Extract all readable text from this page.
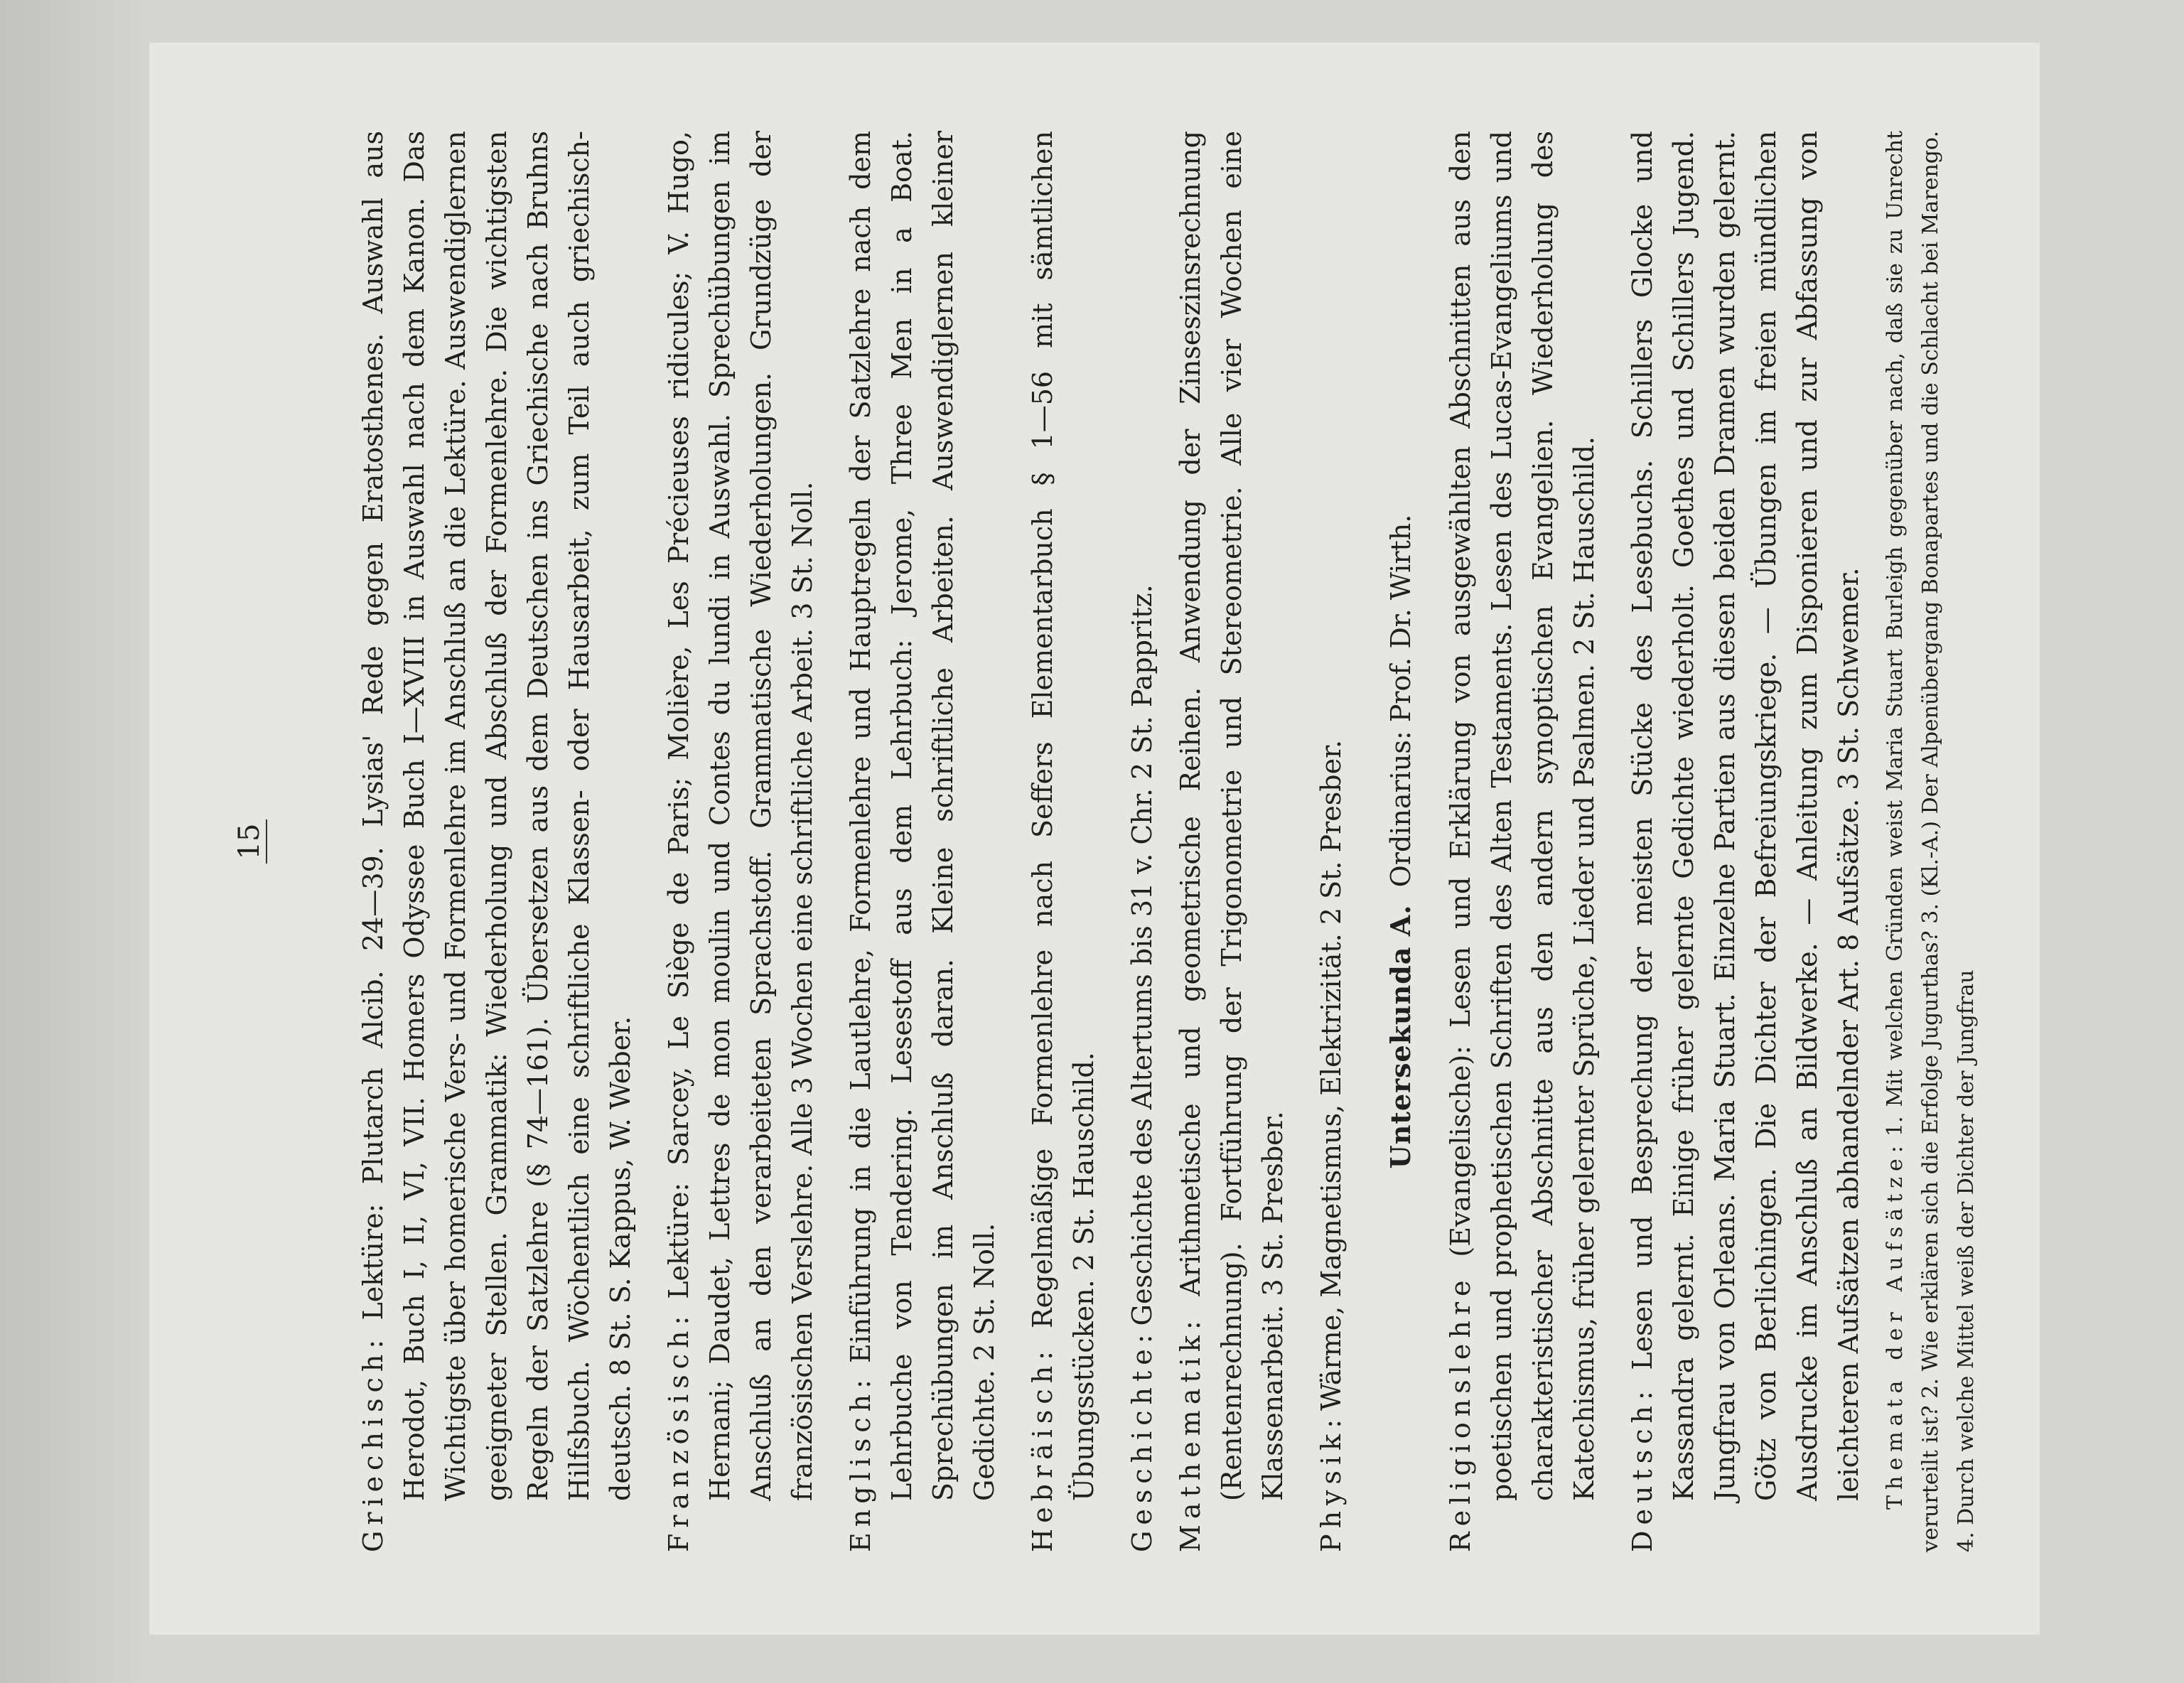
15

Griechisch: Lektüre: Plutarch Alcib. 24—39. Lysias' Rede gegen Eratosthenes. Auswahl aus Herodot, Buch I, II, VI, VII. Homers Odyssee Buch I—XVIII in Auswahl nach dem Kanon. Das Wichtigste über homerische Vers- und Formenlehre im Anschluß an die Lektüre. Auswendiglernen geeigneter Stellen. Grammatik: Wiederholung und Abschluß der Formenlehre. Die wichtigsten Regeln der Satzlehre (§ 74—161). Übersetzen aus dem Deutschen ins Griechische nach Bruhns Hilfsbuch. Wöchentlich eine schriftliche Klassen- oder Hausarbeit, zum Teil auch griechisch-deutsch. 8 St. S. Kappus, W. Weber. Französisch: Lektüre: Sarcey, Le Siège de Paris; Molière, Les Précieuses ridicules; V. Hugo, Hernani; Daudet, Lettres de mon moulin und Contes du lundi in Auswahl. Sprechübungen im Anschluß an den verarbeiteten Sprachstoff. Grammatische Wiederholungen. Grundzüge der französischen Verslehre. Alle 3 Wochen eine schriftliche Arbeit. 3 St. Noll. Englisch: Einführung in die Lautlehre, Formenlehre und Hauptregeln der Satzlehre nach dem Lehrbuche von Tendering. Lesestoff aus dem Lehrbuch: Jerome, Three Men in a Boat. Sprechübungen im Anschluß daran. Kleine schriftliche Arbeiten. Auswendiglernen kleiner Gedichte. 2 St. Noll. Hebräisch: Regelmäßige Formenlehre nach Seffers Elementarbuch § 1—56 mit sämtlichen Übungsstücken. 2 St. Hauschild. Geschichte: Geschichte des Altertums bis 31 v. Chr. 2 St. Pappritz.

Mathematik: Arithmetische und geometrische Reihen. Anwendung der Zinseszinsrechnung (Rentenrechnung). Fortführung der Trigonometrie und Stereometrie. Alle vier Wochen eine Klassenarbeit. 3 St. Presber. Physik: Wärme, Magnetismus, Elektrizität. 2 St. Presber. Untersekunda A.  Ordinarius: Prof. Dr. Wirth.

Religionslehre (Evangelische): Lesen und Erklärung von ausgewählten Abschnitten aus den poetischen und prophetischen Schriften des Alten Testaments. Lesen des Lucas-Evangeliums und charakteristischer Abschnitte aus den andern synoptischen Evangelien. Wiederholung des Katechismus, früher gelernter Sprüche, Lieder und Psalmen. 2 St. Hauschild. Deutsch: Lesen und Besprechung der meisten Stücke des Lesebuchs. Schillers Glocke und Kassandra gelernt. Einige früher gelernte Gedichte wiederholt. Goethes und Schillers Jugend. Jungfrau von Orleans. Maria Stuart. Einzelne Partien aus diesen beiden Dramen wurden gelernt. Götz von Berlichingen. Die Dichter der Befreiungskriege. — Übungen im freien mündlichen Ausdrucke im Anschluß an Bildwerke. — Anleitung zum Disponieren und zur Abfassung von leichteren Aufsätzen abhandelnder Art. 8 Aufsätze. 3 St. Schwemer. Themata der Aufsätze: 1. Mit welchen Gründen weist Maria Stuart Burleigh gegenüber nach, daß sie zu Unrecht verurteilt ist? 2. Wie erklären sich die Erfolge Jugurthas? 3. (Kl.-A.) Der Alpenübergang Bonapartes und die Schlacht bei Marengo. 4. Durch welche Mittel weiß der Dichter der Jungfrau
